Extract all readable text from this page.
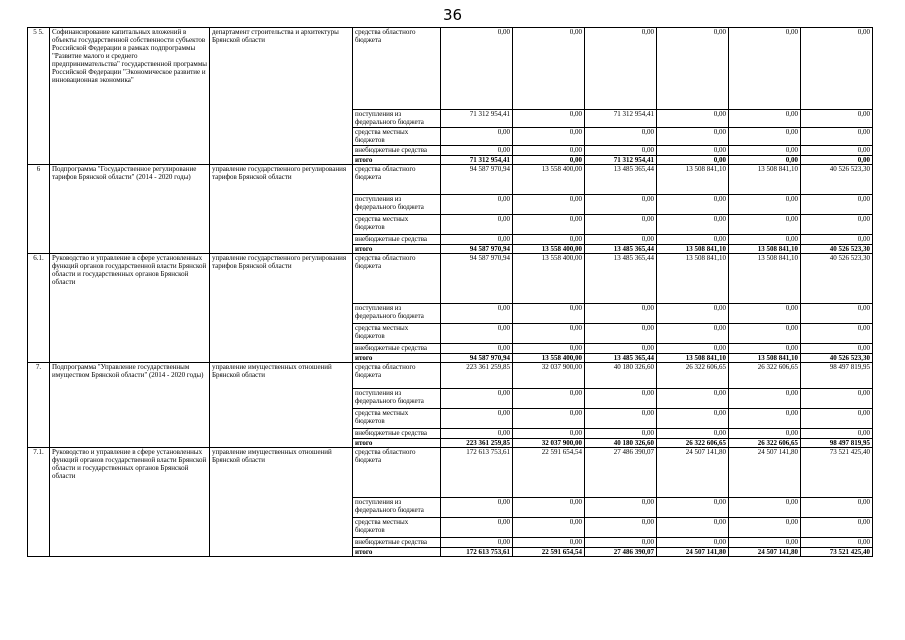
36
5 5.	Софинансирование капитальных вложений в объекты государственной собственности субъектов Российской Федерации в рамках подпрограммы "Развитие малого и среднего предпринимательства" государственной программы Российской Федерации "Экономическое развитие и инновационная экономика"	департамент строительства и архитектуры Брянской области	средства областного бюджета	0,00	0,00	0,00	0,00	0,00	0,00
			поступления из федерального бюджета	71 312 954,41	0,00	71 312 954,41	0,00	0,00	0,00
			средства местных бюджетов	0,00	0,00	0,00	0,00	0,00	0,00
			внебюджетные средства	0,00	0,00	0,00	0,00	0,00	0,00
			итого	71 312 954,41	0,00	71 312 954,41	0,00	0,00	0,00
6	Подпрограмма "Государственное регулирование тарифов Брянской области" (2014 - 2020 годы)	управление государственного регулирования тарифов Брянской области	средства областного бюджета	94 587 970,94	13 558 400,00	13 485 365,44	13 508 841,10	13 508 841,10	40 526 523,30
			поступления из федерального бюджета	0,00	0,00	0,00	0,00	0,00	0,00
			средства местных бюджетов	0,00	0,00	0,00	0,00	0,00	0,00
			внебюджетные средства	0,00	0,00	0,00	0,00	0,00	0,00
			итого	94 587 970,94	13 558 400,00	13 485 365,44	13 508 841,10	13 508 841,10	40 526 523,30
6.1.	Руководство и управление в сфере установленных функций органов государственной власти Брянской области и государственных органов Брянской области	управление государственного регулирования тарифов Брянской области	средства областного бюджета	94 587 970,94	13 558 400,00	13 485 365,44	13 508 841,10	13 508 841,10	40 526 523,30
			поступления из федерального бюджета	0,00	0,00	0,00	0,00	0,00	0,00
			средства местных бюджетов	0,00	0,00	0,00	0,00	0,00	0,00
			внебюджетные средства	0,00	0,00	0,00	0,00	0,00	0,00
			итого	94 587 970,94	13 558 400,00	13 485 365,44	13 508 841,10	13 508 841,10	40 526 523,30
7.	Подпрограмма "Управление государственным имуществом Брянской области" (2014 - 2020 годы)	управление имущественных отношений Брянской области	средства областного бюджета	223 361 259,85	32 037 900,00	40 180 326,60	26 322 606,65	26 322 606,65	98 497 819,95
			поступления из федерального бюджета	0,00	0,00	0,00	0,00	0,00	0,00
			средства местных бюджетов	0,00	0,00	0,00	0,00	0,00	0,00
			внебюджетные средства	0,00	0,00	0,00	0,00	0,00	0,00
			итого	223 361 259,85	32 037 900,00	40 180 326,60	26 322 606,65	26 322 606,65	98 497 819,95
7.1.	Руководство и управление в сфере установленных функций органов государственной власти Брянской области и государственных органов Брянской области	управление имущественных отношений Брянской области	средства областного бюджета	172 613 753,61	22 591 654,54	27 486 390,07	24 507 141,80	24 507 141,80	73 521 425,40
			поступления из федерального бюджета	0,00	0,00	0,00	0,00	0,00	0,00
			средства местных бюджетов	0,00	0,00	0,00	0,00	0,00	0,00
			внебюджетные средства	0,00	0,00	0,00	0,00	0,00	0,00
			итого	172 613 753,61	22 591 654,54	27 486 390,07	24 507 141,80	24 507 141,80	73 521 425,40
